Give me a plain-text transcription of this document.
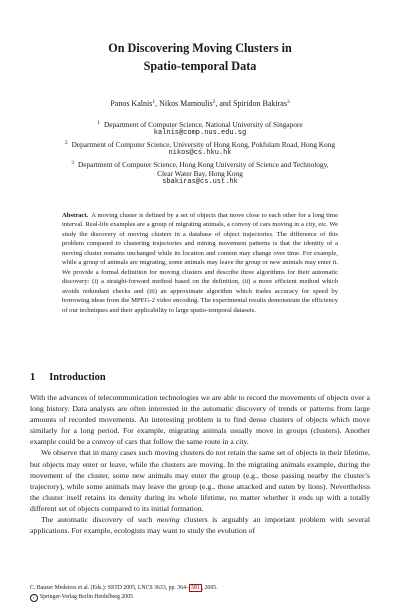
On Discovering Moving Clusters in
Spatio-temporal Data
Panos Kalnis$^1$, Nikos Mamoulis$^2$, and Spiridon Bakiras$^3$
$^1$ Department of Computer Science, National University of Singapore
kalnis@comp.nus.edu.sg
$^2$ Department of Computer Science, University of Hong Kong, Pokfulam Road, Hong Kong
nikos@cs.hku.hk
$^3$ Department of Computer Science, Hong Kong University of Science and Technology,
Clear Water Bay, Hong Kong
sbakiras@cs.ust.hk

Abstract. A moving cluster is defined by a set of objects that move close to each other for a long time interval. Real-life examples are a group of migrating animals, a convoy of cars moving in a city, etc. We study the discovery of moving clusters in a database of object trajectories. The difference of this problem compared to clustering trajectories and mining movement patterns is that the identity of a moving cluster remains unchanged while its location and content may change over time. For example, while a group of animals are migrating, some animals may leave the group or new animals may enter it. We provide a formal definition for moving clusters and describe three algorithms for their automatic discovery: (i) a straight-forward method based on the definition, (ii) a more efficient method which avoids redundant checks and (iii) an approximate algorithm which trades accuracy for speed by borrowing ideas from the MPEG-2 video encoding. The experimental results demonstrate the efficiency of our techniques and their applicability to large spatio-temporal datasets.

1 Introduction

With the advances of telecommunication technologies we are able to record the movements of objects over a long history. Data analysts are often interested in the automatic discovery of trends or patterns from large amounts of recorded movements. An interesting problem is to find dense clusters of objects which move similarly for a long period. For example, migrating animals usually move in groups (clusters). Another example could be a convoy of cars that follow the same route in a city.

We observe that in many cases such moving clusters do not retain the same set of objects in their lifetime, but objects may enter or leave, while the clusters are moving. In the migrating animals example, during the movement of the cluster, some new animals may enter the group (e.g., those passing nearby the cluster’s trajectory), while some animals may leave the group (e.g., those attacked and eaten by lions). Nevertheless the cluster itself retains its density during its whole lifetime, no matter whether it ends up with a totally different set of objects compared to its initial formation.

The automatic discovery of such moving clusters is arguably an important problem with several applications. For example, ecologists may want to study the evolution of

C. Bauzer Medeiros et al. (Eds.): SSTD 2005, LNCS 3633, pp. 364– 381 , 2005.
c Springer-Verlag Berlin Heidelberg 2005
